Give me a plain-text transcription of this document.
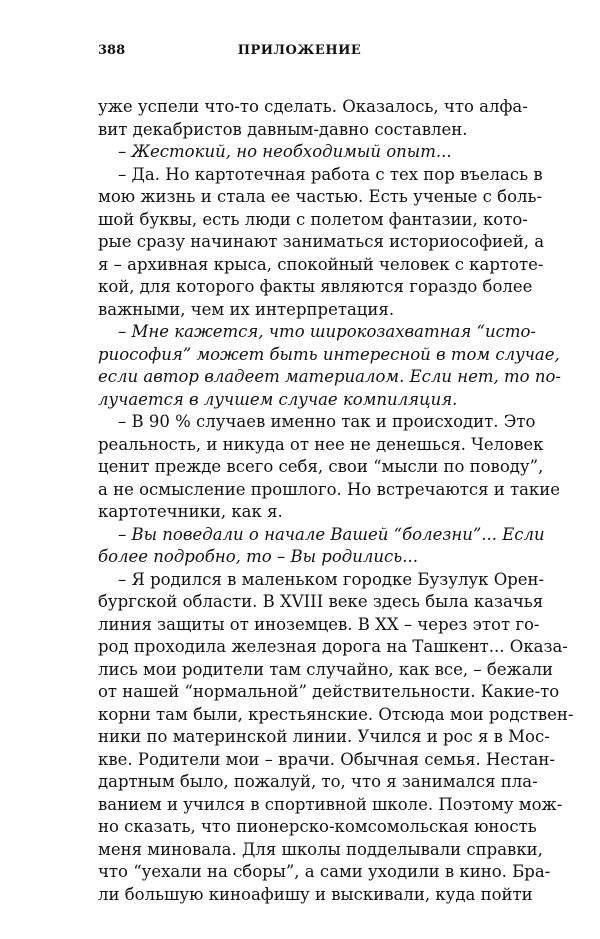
388	ПРИЛОЖЕНИЕ
уже успели что-то сделать. Оказалось, что алфа-
вит декабристов давным-давно составлен.
– Жестокий, но необходимый опыт...
– Да. Но картотечная работа с тех пор въелась в
мою жизнь и стала ее частью. Есть ученые с боль-
шой буквы, есть люди с полетом фантазии, кото-
рые сразу начинают заниматься историософией, а
я – архивная крыса, спокойный человек с картоте-
кой, для которого факты являются гораздо более
важными, чем их интерпретация.
– Мне кажется, что широкозахватная “исто-
риософия” может быть интересной в том случае,
если автор владеет материалом. Если нет, то по-
лучается в лучшем случае компиляция.
– В 90 % случаев именно так и происходит. Это
реальность, и никуда от нее не денешься. Человек
ценит прежде всего себя, свои “мысли по поводу”,
а не осмысление прошлого. Но встречаются и такие
картотечники, как я.
– Вы поведали о начале Вашей “болезни”... Если
более подробно, то – Вы родились...
– Я родился в маленьком городке Бузулук Орен-
бургской области. В XVIII веке здесь была казачья
линия защиты от иноземцев. В XX – через этот го-
род проходила железная дорога на Ташкент... Оказа-
лись мои родители там случайно, как все, – бежали
от нашей “нормальной” действительности. Какие-то
корни там были, крестьянские. Отсюда мои родствен-
ники по материнской линии. Учился и рос я в Мос-
кве. Родители мои – врачи. Обычная семья. Нестан-
дартным было, пожалуй, то, что я занимался пла-
ванием и учился в спортивной школе. Поэтому мож-
но сказать, что пионерско-комсомольская юность
меня миновала. Для школы подделывали справки,
что “уехали на сборы”, а сами уходили в кино. Бра-
ли большую киноафишу и выскивали, куда пойти
